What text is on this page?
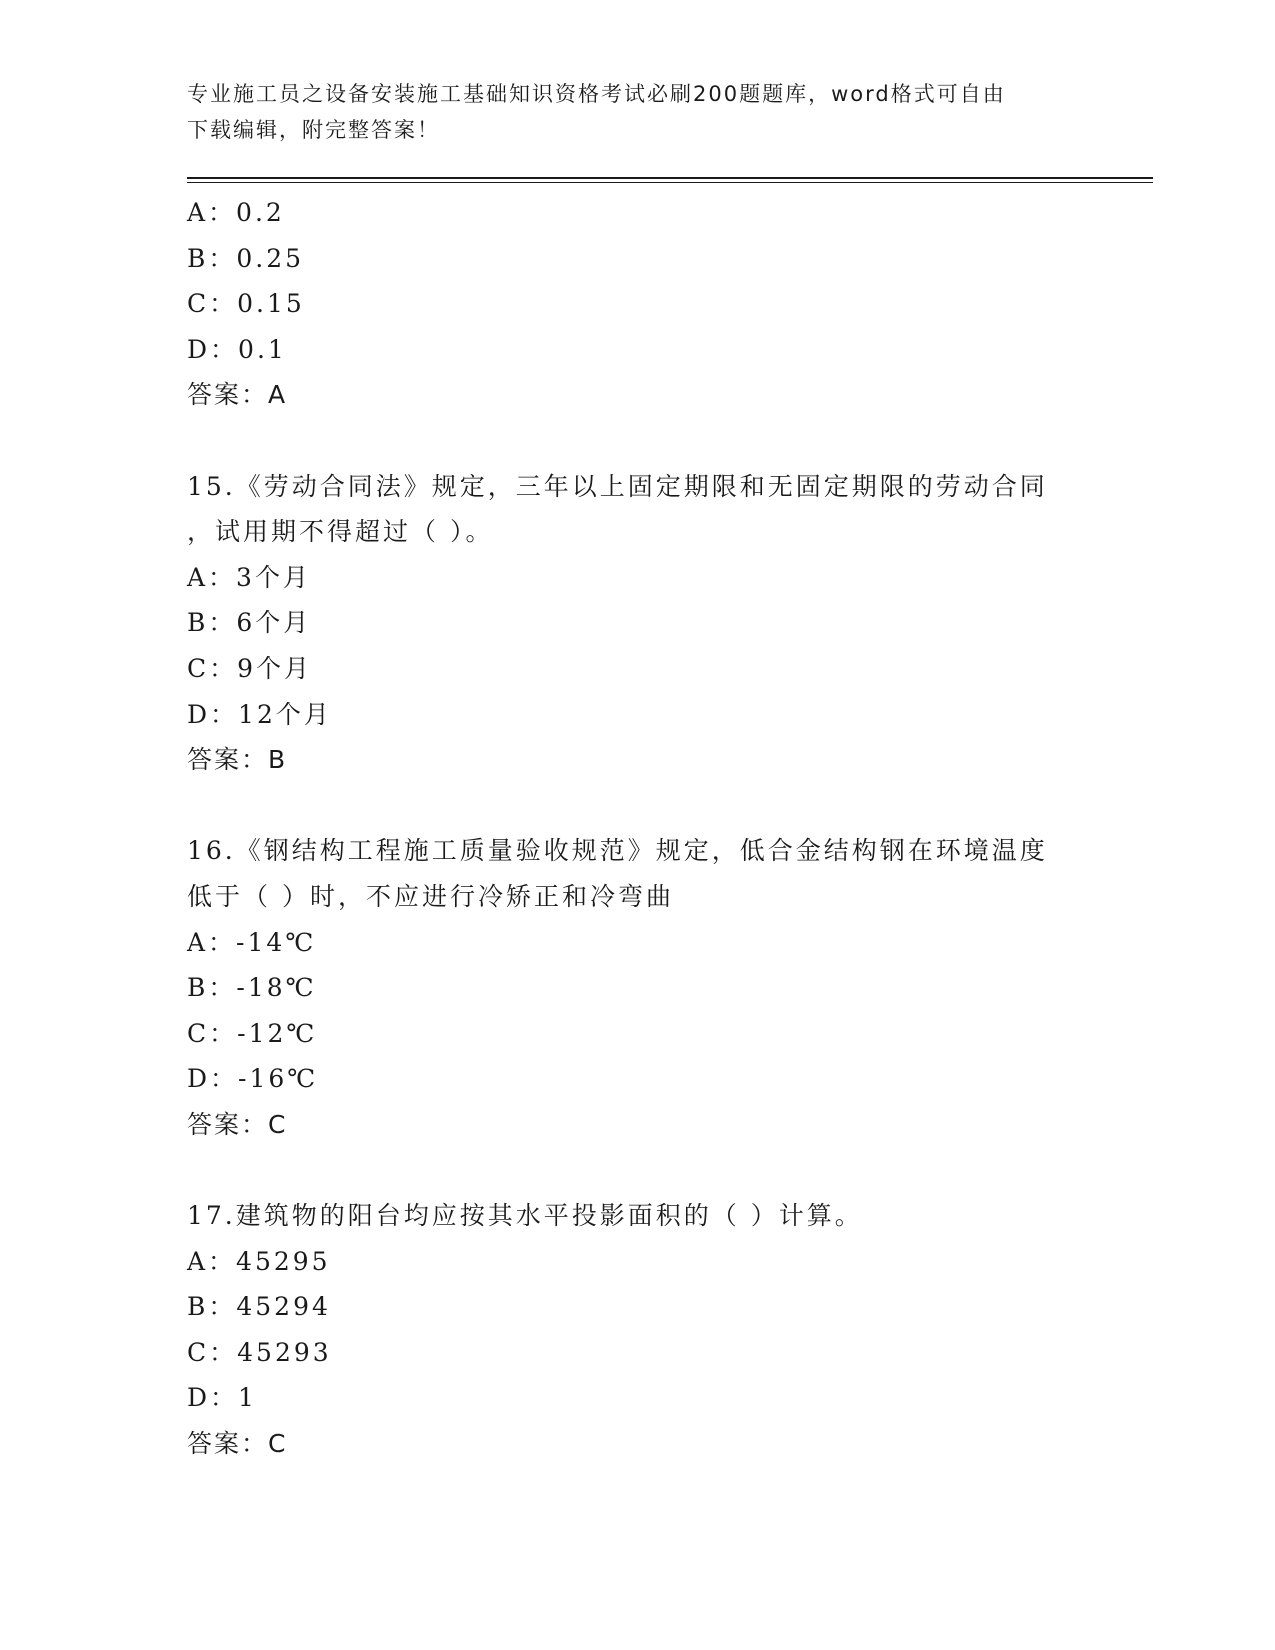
专业施工员之设备安装施工基础知识资格考试必刷200题题库，word格式可自由
下载编辑，附完整答案！
A：0.2
B：0.25
C：0.15
D：0.1
答案：A
15.《劳动合同法》规定，三年以上固定期限和无固定期限的劳动合同
，试用期不得超过（ ）。
A：3个月
B：6个月
C：9个月
D：12个月
答案：B
16.《钢结构工程施工质量验收规范》规定，低合金结构钢在环境温度
低于（ ）时，不应进行冷矫正和冷弯曲
A：-14℃
B：-18℃
C：-12℃
D：-16℃
答案：C
17.建筑物的阳台均应按其水平投影面积的（ ）计算。
A：45295
B：45294
C：45293
D：1
答案：C
